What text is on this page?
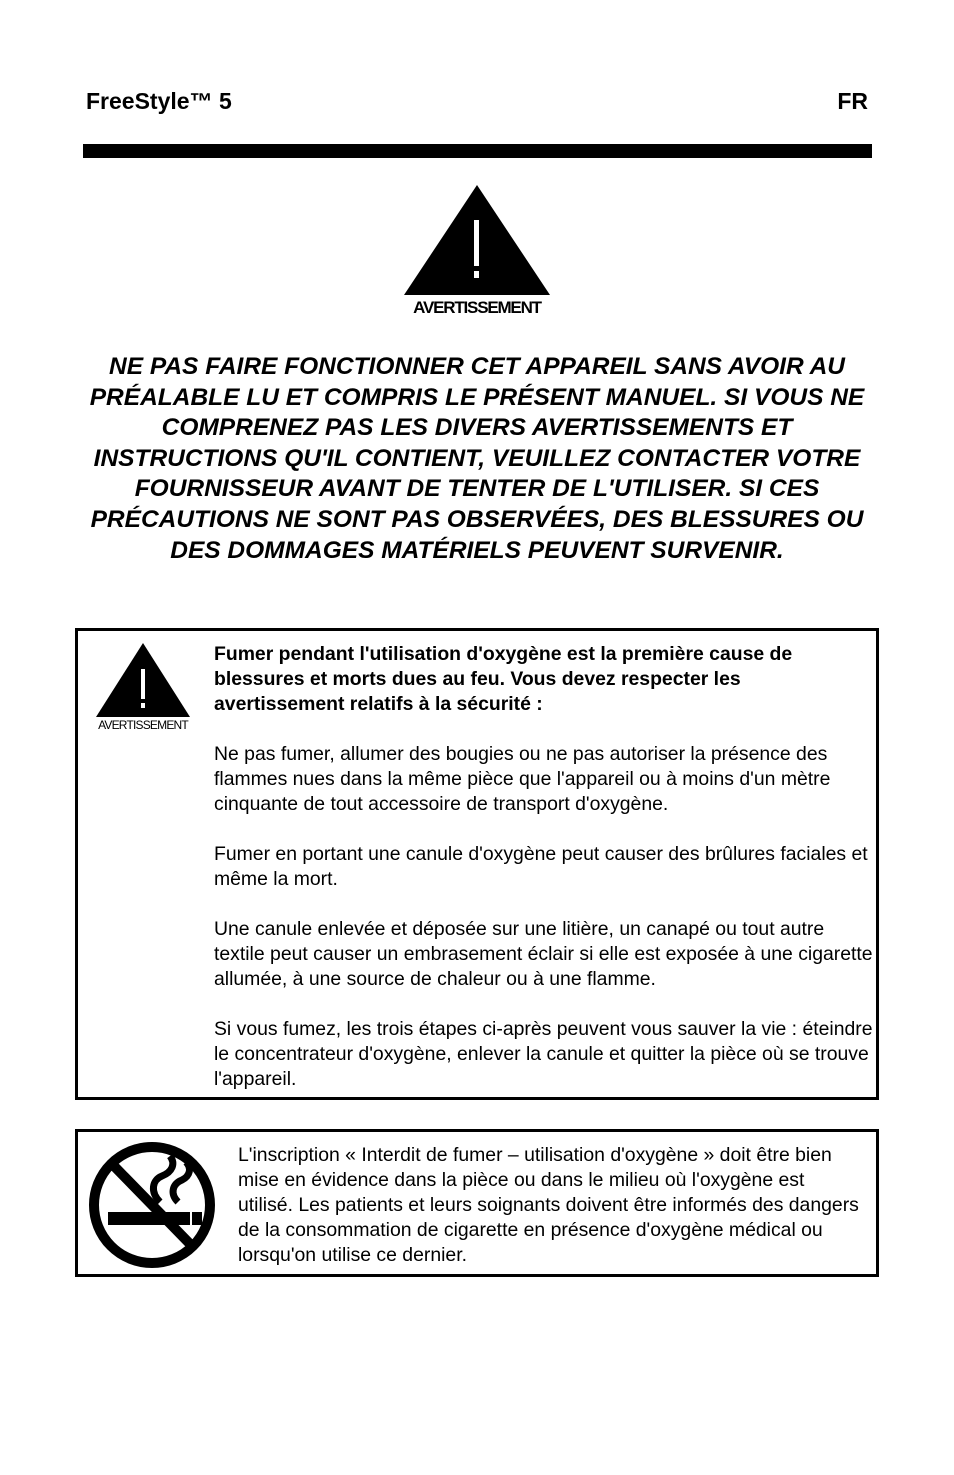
FreeStyle™ 5	FR
AVERTISSEMENT
NE PAS FAIRE FONCTIONNER CET APPAREIL SANS AVOIR AU PRÉALABLE LU ET COMPRIS LE PRÉSENT MANUEL. SI VOUS NE COMPRENEZ PAS LES DIVERS AVERTISSEMENTS ET INSTRUCTIONS QU'IL CONTIENT, VEUILLEZ CONTACTER VOTRE FOURNISSEUR AVANT DE TENTER DE L'UTILISER. SI CES PRÉCAUTIONS NE SONT PAS OBSERVÉES, DES BLESSURES OU DES DOMMAGES MATÉRIELS PEUVENT SURVENIR.
AVERTISSEMENT

Fumer pendant l'utilisation d'oxygène est la première cause de blessures et morts dues au feu. Vous devez respecter les avertissement relatifs à la sécurité :

Ne pas fumer, allumer des bougies ou ne pas autoriser la présence des flammes nues dans la même pièce que l'appareil ou à moins d'un mètre cinquante de tout accessoire de transport d'oxygène.

Fumer en portant une canule d'oxygène peut causer des brûlures faciales et même la mort.

Une canule enlevée et déposée sur une litière, un canapé ou tout autre textile peut causer un embrasement éclair si elle est exposée à une cigarette allumée, à une source de chaleur ou à une flamme.

Si vous fumez, les trois étapes ci-après peuvent vous sauver la vie : éteindre le concentrateur d'oxygène, enlever la canule et quitter la pièce où se trouve l'appareil.

L'inscription « Interdit de fumer – utilisation d'oxygène » doit être bien mise en évidence dans la pièce ou dans le milieu où l'oxygène est utilisé. Les patients et leurs soignants doivent être informés des dangers de la consommation de cigarette en présence d'oxygène médical ou lorsqu'on utilise ce dernier.
